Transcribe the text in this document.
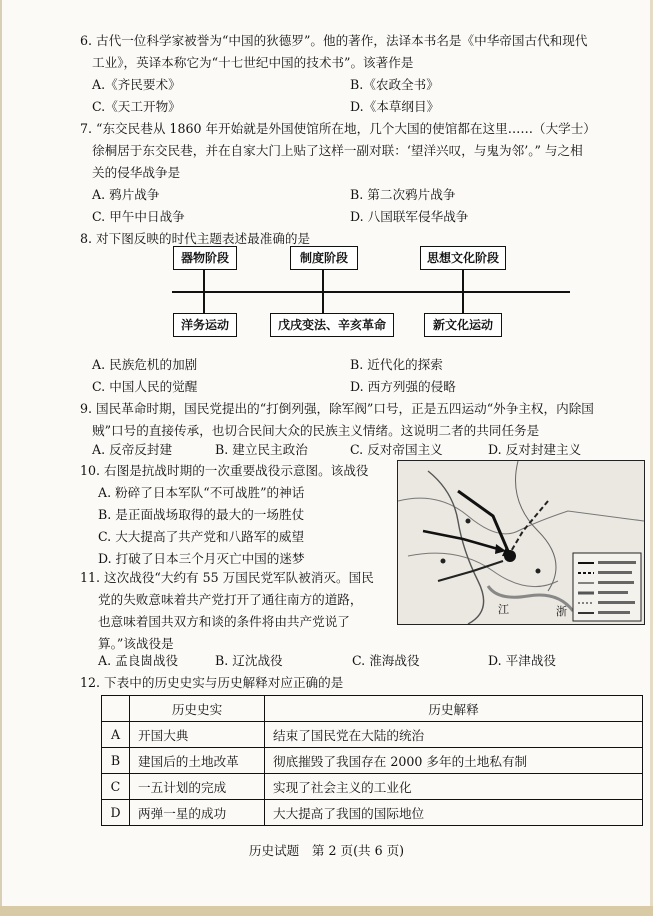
6. 古代一位科学家被誉为“中国的狄德罗”。他的著作，法译本书名是《中华帝国古代和现代
工业》，英译本称它为“十七世纪中国的技术书”。该著作是
A.《齐民要术》	B.《农政全书》
C.《天工开物》	D.《本草纲目》
7. “东交民巷从 1860 年开始就是外国使馆所在地，几个大国的使馆都在这里……（大学士）
徐桐居于东交民巷，并在自家大门上贴了这样一副对联：‘望洋兴叹，与鬼为邻’。” 与之相
关的侵华战争是
A. 鸦片战争	B. 第二次鸦片战争
C. 甲午中日战争	D. 八国联军侵华战争
8. 对下图反映的时代主题表述最准确的是
器物阶段	制度阶段	思想文化阶段
洋务运动	戊戌变法、辛亥革命	新文化运动
A. 民族危机的加剧	B. 近代化的探索
C. 中国人民的觉醒	D. 西方列强的侵略
9. 国民革命时期，国民党提出的“打倒列强，除军阀”口号，正是五四运动“外争主权，内除国
贼”口号的直接传承，也切合民间大众的民族主义情绪。这说明二者的共同任务是
A. 反帝反封建	B. 建立民主政治	C. 反对帝国主义	D. 反对封建主义
10. 右图是抗战时期的一次重要战役示意图。该战役
A. 粉碎了日本军队“不可战胜”的神话
B. 是正面战场取得的最大的一场胜仗
C. 大大提高了共产党和八路军的威望
D. 打破了日本三个月灭亡中国的迷梦
江	浙
11. 这次战役“大约有 55 万国民党军队被消灭。国民
党的失败意味着共产党打开了通往南方的道路，
也意味着国共双方和谈的条件将由共产党说了
算。”该战役是
A. 孟良崮战役	B. 辽沈战役	C. 淮海战役	D. 平津战役
12. 下表中的历史史实与历史解释对应正确的是
	历史史实	历史解释
A	开国大典	结束了国民党在大陆的统治
B	建国后的土地改革	彻底摧毁了我国存在 2000 多年的土地私有制
C	一五计划的完成	实现了社会主义的工业化
D	两弹一星的成功	大大提高了我国的国际地位
历史试题　第 2 页(共 6 页)
